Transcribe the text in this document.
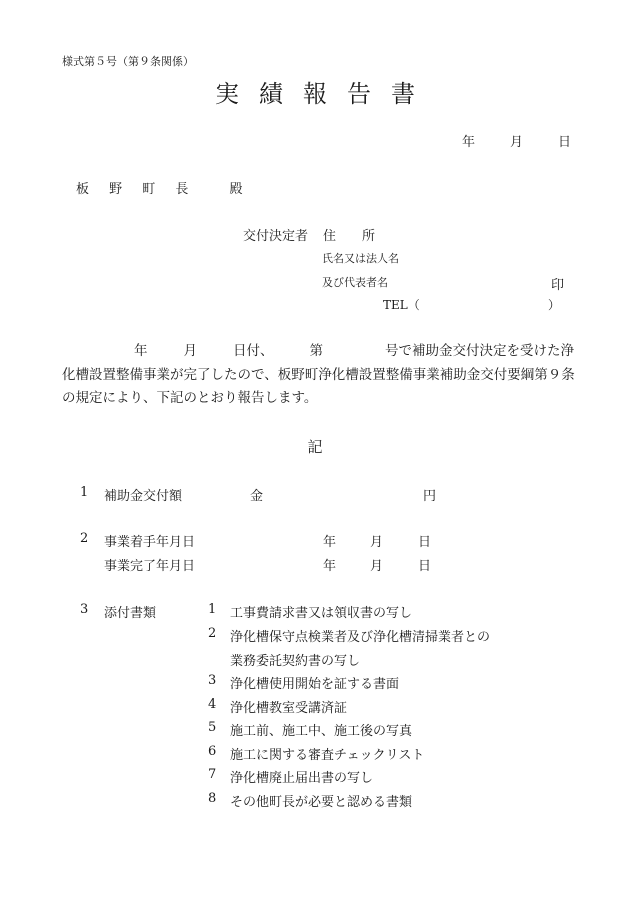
様式第５号（第９条関係）
実績報告書
年	月	日
板 野 町 長　 殿
交付決定者 住　　所
氏名又は法人名
及び代表者名	印
TEL（	）
年	月	日付、	第	号で補助金交付決定を受けた浄化槽設置整備事業が完了したので、板野町浄化槽設置整備事業補助金交付要綱第９条の規定により、下記のとおり報告します。
記
1 補助金交付額	金	円
2 事業着手年月日	年	月	日
事業完了年月日	年	月	日
3 添付書類	1 工事費請求書又は領収書の写し
2 浄化槽保守点検業者及び浄化槽清掃業者との
業務委託契約書の写し
3 浄化槽使用開始を証する書面
4 浄化槽教室受講済証
5 施工前、施工中、施工後の写真
6 施工に関する審査チェックリスト
7 浄化槽廃止届出書の写し
8 その他町長が必要と認める書類
